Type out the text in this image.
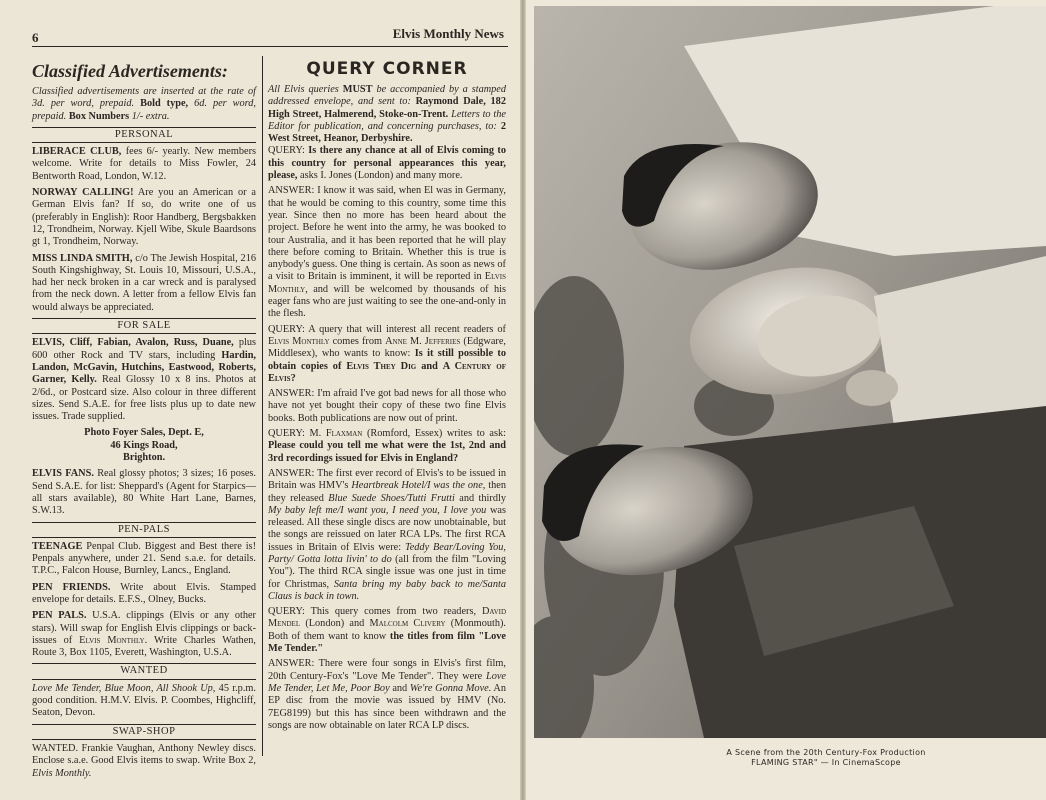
6	Elvis Monthly News
Classified Advertisements:
Classified advertisements are inserted at the rate of 3d. per word, prepaid. Bold type, 6d. per word, prepaid. Box Numbers 1/- extra.
PERSONAL
LIBERACE CLUB, fees 6/- yearly. New members welcome. Write for details to Miss Fowler, 24 Bentworth Road, London, W.12.
NORWAY CALLING! Are you an American or a German Elvis fan? If so, do write one of us (preferably in English): Roor Handberg, Bergsbakken 12, Trondheim, Norway. Kjell Wibe, Skule Baardsons gt 1, Trondheim, Norway.
MISS LINDA SMITH, c/o The Jewish Hospital, 216 South Kingshighway, St. Louis 10, Missouri, U.S.A., had her neck broken in a car wreck and is paralysed from the neck down. A letter from a fellow Elvis fan would always be appreciated.
FOR SALE
ELVIS, Cliff, Fabian, Avalon, Russ, Duane, plus 600 other Rock and TV stars, including Hardin, Landon, McGavin, Hutchins, Eastwood, Roberts, Garner, Kelly. Real Glossy 10 x 8 ins. Photos at 2/6d., or Postcard size. Also colour in three different sizes. Send S.A.E. for free lists plus up to date new issues. Trade supplied.
Photo Foyer Sales, Dept. E,
46 Kings Road,
Brighton.
ELVIS FANS. Real glossy photos; 3 sizes; 16 poses. Send S.A.E. for list: Sheppard's (Agent for Starpics—all stars available), 80 White Hart Lane, Barnes, S.W.13.
PEN-PALS
TEENAGE Penpal Club. Biggest and Best there is! Penpals anywhere, under 21. Send s.a.e. for details. T.P.C., Falcon House, Burnley, Lancs., England.
PEN FRIENDS. Write about Elvis. Stamped envelope for details. E.F.S., Olney, Bucks.
PEN PALS. U.S.A. clippings (Elvis or any other stars). Will swap for English Elvis clippings or back-issues of Elvis Monthly. Write Charles Wathen, Route 3, Box 1105, Everett, Washington, U.S.A.
WANTED
Love Me Tender, Blue Moon, All Shook Up, 45 r.p.m. good condition. H.M.V. Elvis. P. Coombes, Highcliff, Seaton, Devon.
SWAP-SHOP
WANTED. Frankie Vaughan, Anthony Newley discs. Enclose s.a.e. Good Elvis items to swap. Write Box 2, Elvis Monthly.
QUERY CORNER
All Elvis queries MUST be accompanied by a stamped addressed envelope, and sent to: Raymond Dale, 182 High Street, Halmerend, Stoke-on-Trent. Letters to the Editor for publication, and concerning purchases, to: 2 West Street, Heanor, Derbyshire.
QUERY: Is there any chance at all of Elvis coming to this country for personal appearances this year, please, asks I. Jones (London) and many more.
ANSWER: I know it was said, when El was in Germany, that he would be coming to this country, some time this year. Since then no more has been heard about the project. Before he went into the army, he was booked to tour Australia, and it has been reported that he will play there before coming to Britain. Whether this is true is anybody's guess. One thing is certain. As soon as news of a visit to Britain is imminent, it will be reported in Elvis Monthly, and will be welcomed by thousands of his eager fans who are just waiting to see the one-and-only in the flesh.
QUERY: A query that will interest all recent readers of Elvis Monthly comes from Anne M. Jefferies (Edgware, Middlesex), who wants to know: Is it still possible to obtain copies of Elvis They Dig and A Century of Elvis?
ANSWER: I'm afraid I've got bad news for all those who have not yet bought their copy of these two fine Elvis books. Both publications are now out of print.
QUERY: M. Flaxman (Romford, Essex) writes to ask: Please could you tell me what were the 1st, 2nd and 3rd recordings issued for Elvis in England?
ANSWER: The first ever record of Elvis's to be issued in Britain was HMV's Heartbreak Hotel/I was the one, then they released Blue Suede Shoes/Tutti Frutti and thirdly My baby left me/I want you, I need you, I love you was released. All these single discs are now unobtainable, but the songs are reissued on later RCA LPs. The first RCA issues in Britain of Elvis were: Teddy Bear/Loving You, Party/ Gotta lotta livin' to do (all from the film "Loving You"). The third RCA single issue was one just in time for Christmas, Santa bring my baby back to me/Santa Claus is back in town.
QUERY: This query comes from two readers, David Mendel (London) and Malcolm Clivery (Monmouth). Both of them want to know the titles from film "Love Me Tender."
ANSWER: There were four songs in Elvis's first film, 20th Century-Fox's "Love Me Tender". They were Love Me Tender, Let Me, Poor Boy and We're Gonna Move. An EP disc from the movie was issued by HMV (No. 7EG8199) but this has since been withdrawn and the songs are now obtainable on later RCA LP discs.
A Scene from the 20th Century-Fox Production
FLAMING STAR" — In CinemaScope
